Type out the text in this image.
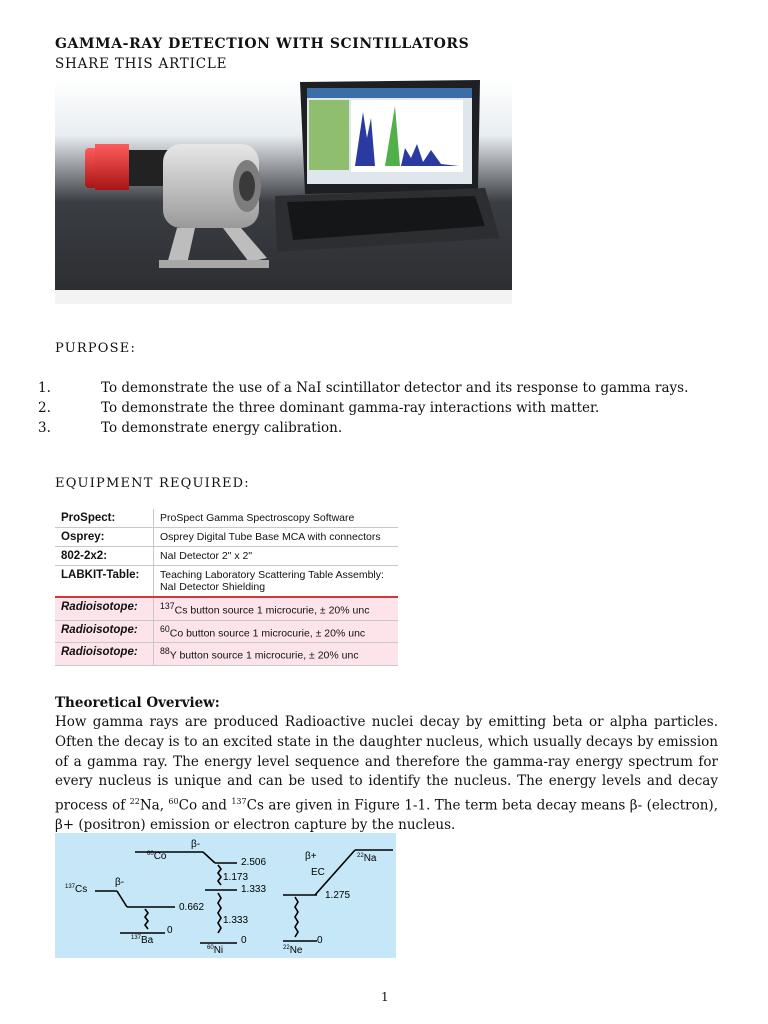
GAMMA-RAY DETECTION WITH SCINTILLATORS
SHARE THIS ARTICLE
PURPOSE:
1.	To demonstrate the use of a NaI scintillator detector and its response to gamma rays.
2.	To demonstrate the three dominant gamma-ray interactions with matter.
3.	To demonstrate energy calibration.
EQUIPMENT REQUIRED:
ProSpect:	ProSpect Gamma Spectroscopy Software
Osprey:	Osprey Digital Tube Base MCA with connectors
802-2x2:	NaI Detector 2" x 2"
LABKIT-Table:	Teaching Laboratory Scattering Table Assembly:
NaI Detector Shielding

Radioisotope:	$^{137}$Cs button source 1 microcurie, ± 20% unc
Radioisotope:	$^{60}$Co button source 1 microcurie, ± 20% unc
Radioisotope:	$^{88}$Y button source 1 microcurie, ± 20% unc
Theoretical Overview:
How gamma rays are produced Radioactive nuclei decay by emitting beta or alpha particles. Often the decay is to an excited state in the daughter nucleus, which usually decays by emission of a gamma ray. The energy level sequence and therefore the gamma-ray energy spectrum for every nucleus is unique and can be used to identify the nucleus. The energy levels and decay process of $^{22}$Na, $^{60}$Co and $^{137}$Cs are given in Figure 1-1. The term beta decay means β- (electron), β+ (positron) emission or electron capture by the nucleus.
$^{137}$Cs
β-
0.662
0
$^{137}$Ba
$^{60}$Co
β-
2.506
1.333
0
1.173
1.333
$^{60}$Ni
$^{22}$Na
β+
EC
1.275
0
$^{22}$Ne
1
